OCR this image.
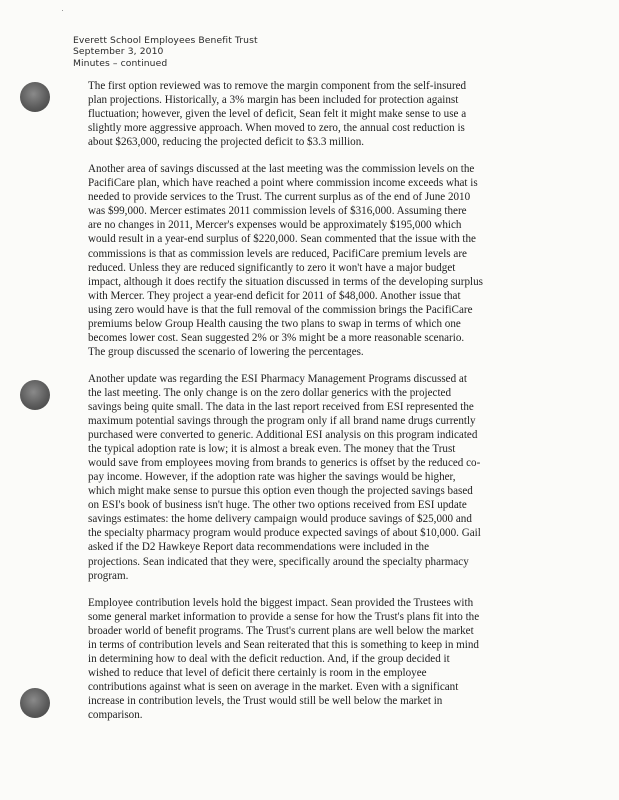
Everett School Employees Benefit Trust
September 3, 2010
Minutes – continued

The first option reviewed was to remove the margin component from the self-insured
plan projections. Historically, a 3% margin has been included for protection against
fluctuation; however, given the level of deficit, Sean felt it might make sense to use a
slightly more aggressive approach. When moved to zero, the annual cost reduction is
about $263,000, reducing the projected deficit to $3.3 million.

Another area of savings discussed at the last meeting was the commission levels on the
PacifiCare plan, which have reached a point where commission income exceeds what is
needed to provide services to the Trust. The current surplus as of the end of June 2010
was $99,000. Mercer estimates 2011 commission levels of $316,000. Assuming there
are no changes in 2011, Mercer's expenses would be approximately $195,000 which
would result in a year-end surplus of $220,000. Sean commented that the issue with the
commissions is that as commission levels are reduced, PacifiCare premium levels are
reduced. Unless they are reduced significantly to zero it won't have a major budget
impact, although it does rectify the situation discussed in terms of the developing surplus
with Mercer. They project a year-end deficit for 2011 of $48,000. Another issue that
using zero would have is that the full removal of the commission brings the PacifiCare
premiums below Group Health causing the two plans to swap in terms of which one
becomes lower cost. Sean suggested 2% or 3% might be a more reasonable scenario.
The group discussed the scenario of lowering the percentages.

Another update was regarding the ESI Pharmacy Management Programs discussed at
the last meeting. The only change is on the zero dollar generics with the projected
savings being quite small. The data in the last report received from ESI represented the
maximum potential savings through the program only if all brand name drugs currently
purchased were converted to generic. Additional ESI analysis on this program indicated
the typical adoption rate is low; it is almost a break even. The money that the Trust
would save from employees moving from brands to generics is offset by the reduced co-
pay income. However, if the adoption rate was higher the savings would be higher,
which might make sense to pursue this option even though the projected savings based
on ESI's book of business isn't huge. The other two options received from ESI update
savings estimates: the home delivery campaign would produce savings of $25,000 and
the specialty pharmacy program would produce expected savings of about $10,000. Gail
asked if the D2 Hawkeye Report data recommendations were included in the
projections. Sean indicated that they were, specifically around the specialty pharmacy
program.

Employee contribution levels hold the biggest impact. Sean provided the Trustees with
some general market information to provide a sense for how the Trust's plans fit into the
broader world of benefit programs. The Trust's current plans are well below the market
in terms of contribution levels and Sean reiterated that this is something to keep in mind
in determining how to deal with the deficit reduction. And, if the group decided it
wished to reduce that level of deficit there certainly is room in the employee
contributions against what is seen on average in the market. Even with a significant
increase in contribution levels, the Trust would still be well below the market in
comparison.
